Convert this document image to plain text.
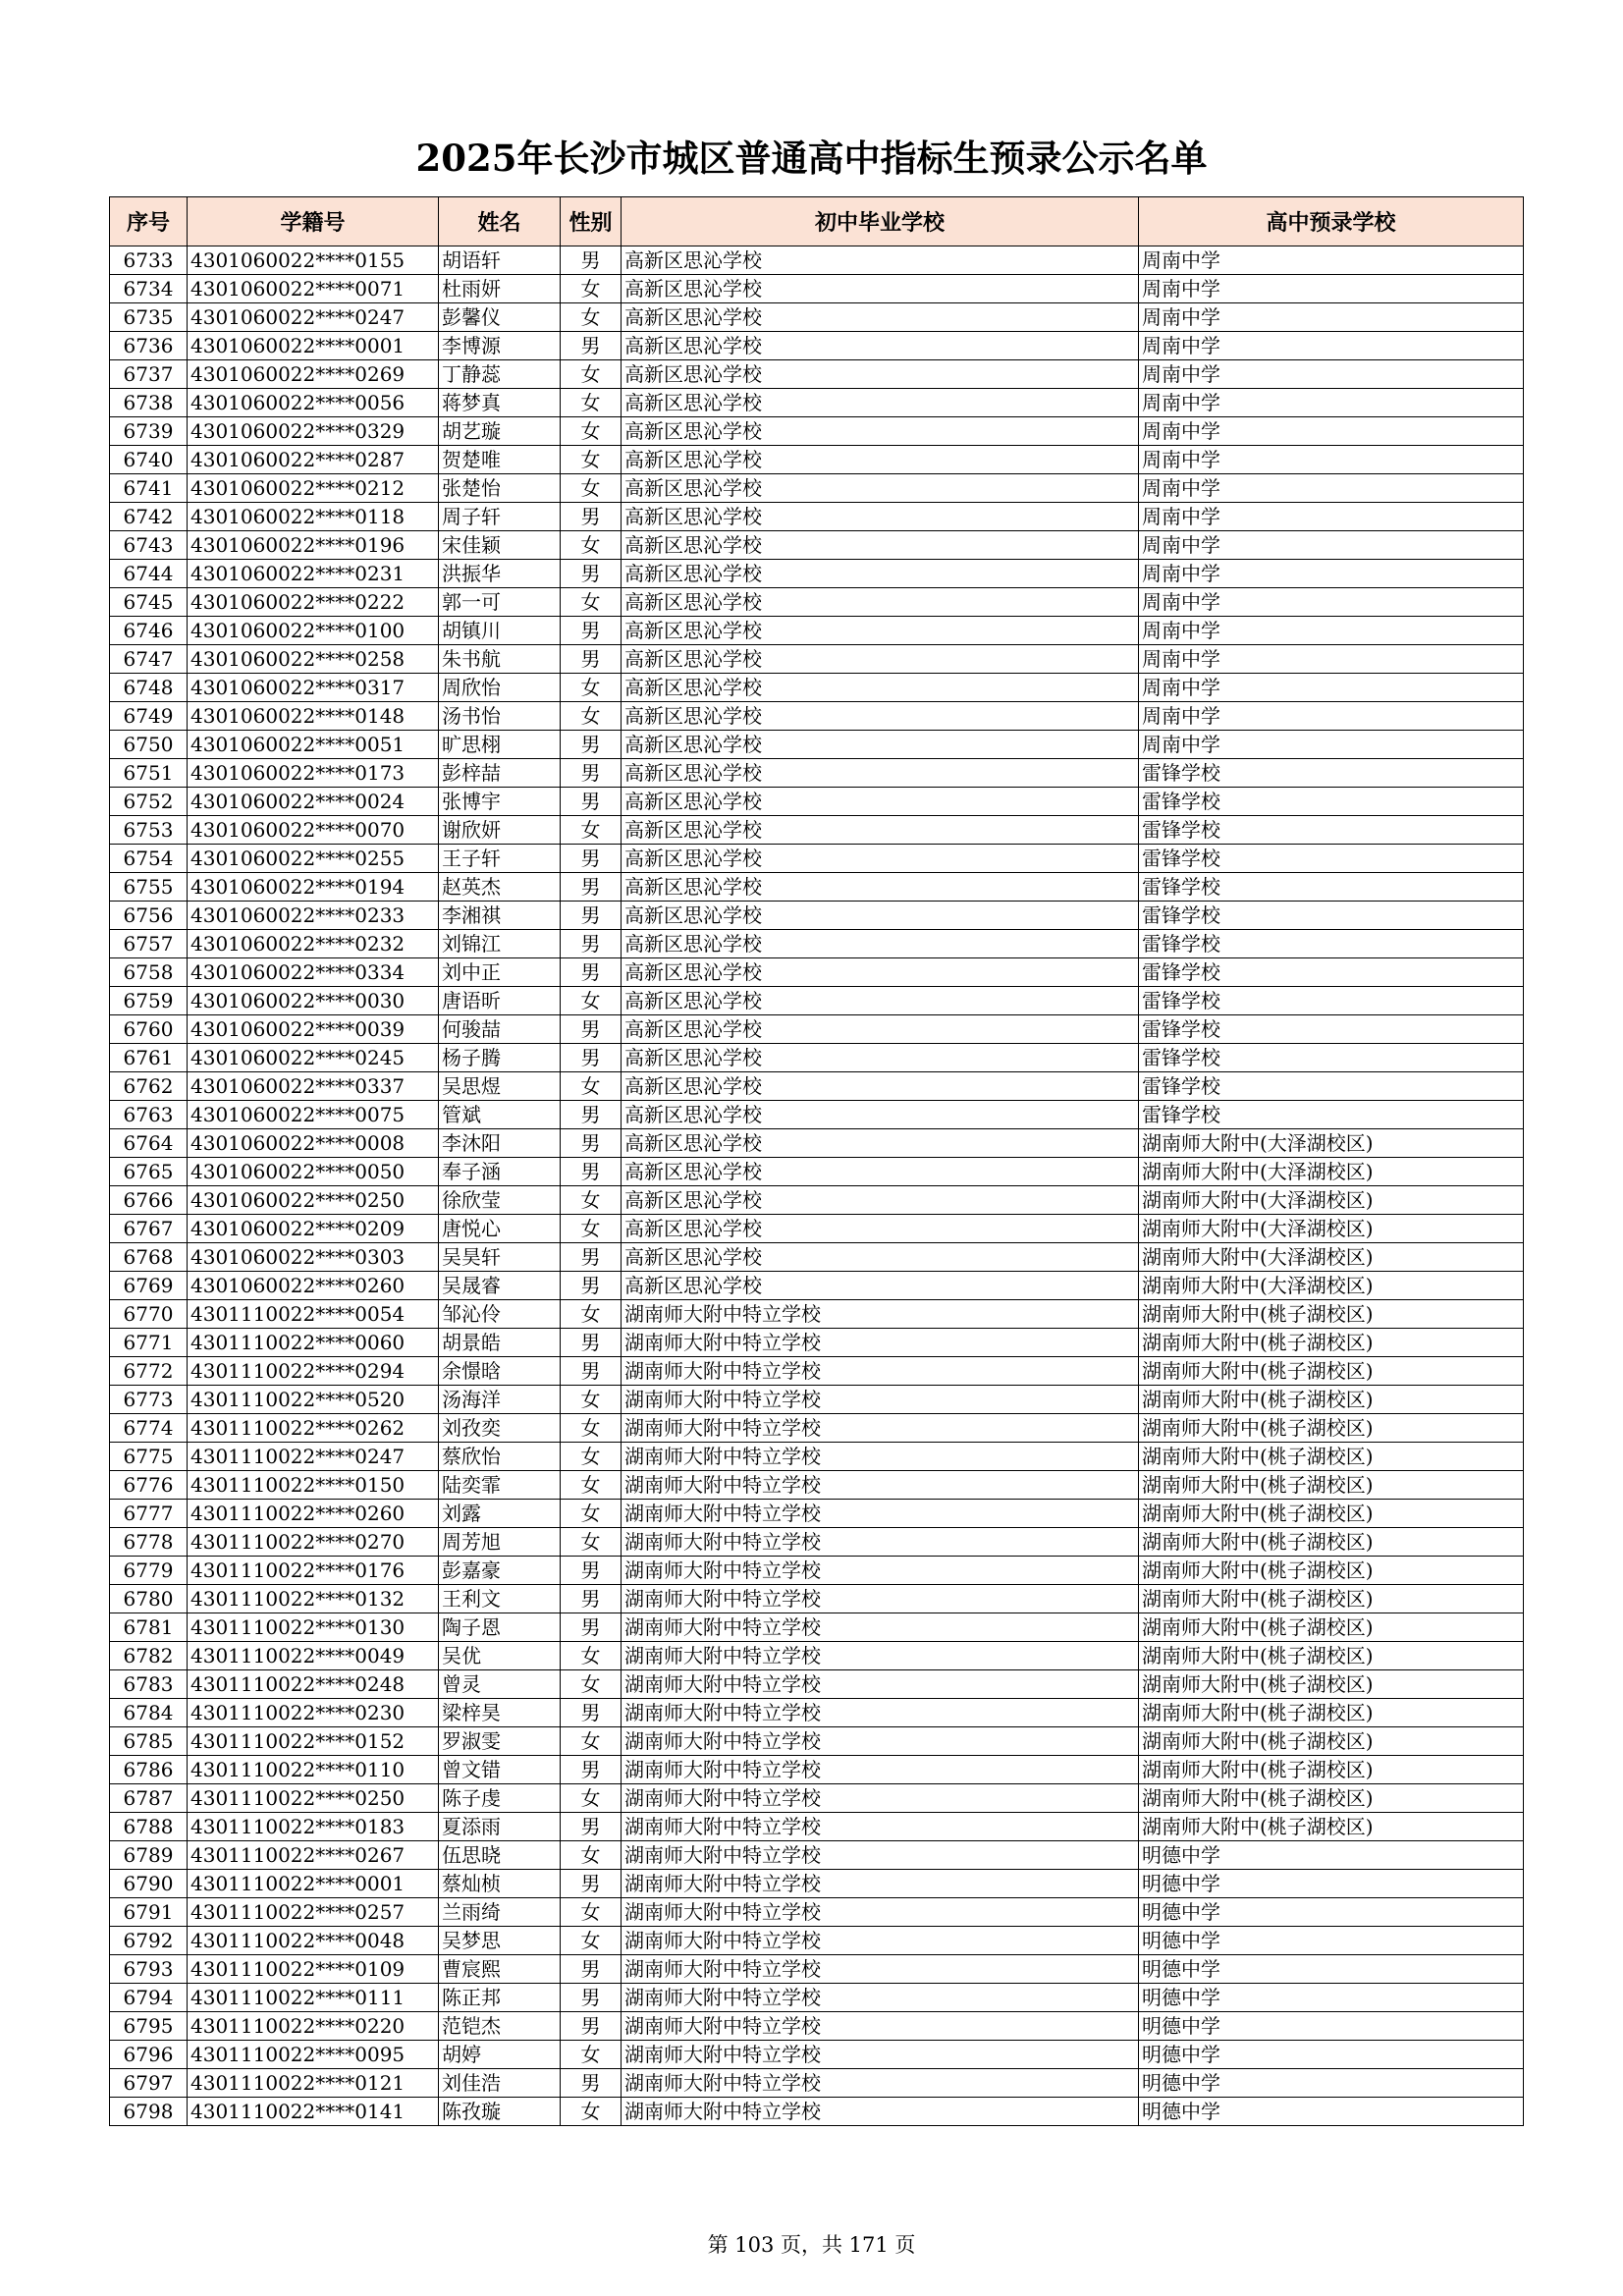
2025年长沙市城区普通高中指标生预录公示名单
序号	学籍号	姓名	性别	初中毕业学校	高中预录学校
6733	4301060022****0155	胡语轩	男	高新区思沁学校	周南中学
6734	4301060022****0071	杜雨妍	女	高新区思沁学校	周南中学
6735	4301060022****0247	彭馨仪	女	高新区思沁学校	周南中学
6736	4301060022****0001	李博源	男	高新区思沁学校	周南中学
6737	4301060022****0269	丁静蕊	女	高新区思沁学校	周南中学
6738	4301060022****0056	蒋梦真	女	高新区思沁学校	周南中学
6739	4301060022****0329	胡艺璇	女	高新区思沁学校	周南中学
6740	4301060022****0287	贺楚唯	女	高新区思沁学校	周南中学
6741	4301060022****0212	张楚怡	女	高新区思沁学校	周南中学
6742	4301060022****0118	周子轩	男	高新区思沁学校	周南中学
6743	4301060022****0196	宋佳颖	女	高新区思沁学校	周南中学
6744	4301060022****0231	洪振华	男	高新区思沁学校	周南中学
6745	4301060022****0222	郭一可	女	高新区思沁学校	周南中学
6746	4301060022****0100	胡镇川	男	高新区思沁学校	周南中学
6747	4301060022****0258	朱书航	男	高新区思沁学校	周南中学
6748	4301060022****0317	周欣怡	女	高新区思沁学校	周南中学
6749	4301060022****0148	汤书怡	女	高新区思沁学校	周南中学
6750	4301060022****0051	旷思栩	男	高新区思沁学校	周南中学
6751	4301060022****0173	彭梓喆	男	高新区思沁学校	雷锋学校
6752	4301060022****0024	张博宇	男	高新区思沁学校	雷锋学校
6753	4301060022****0070	谢欣妍	女	高新区思沁学校	雷锋学校
6754	4301060022****0255	王子轩	男	高新区思沁学校	雷锋学校
6755	4301060022****0194	赵英杰	男	高新区思沁学校	雷锋学校
6756	4301060022****0233	李湘祺	男	高新区思沁学校	雷锋学校
6757	4301060022****0232	刘锦江	男	高新区思沁学校	雷锋学校
6758	4301060022****0334	刘中正	男	高新区思沁学校	雷锋学校
6759	4301060022****0030	唐语昕	女	高新区思沁学校	雷锋学校
6760	4301060022****0039	何骏喆	男	高新区思沁学校	雷锋学校
6761	4301060022****0245	杨子腾	男	高新区思沁学校	雷锋学校
6762	4301060022****0337	吴思煜	女	高新区思沁学校	雷锋学校
6763	4301060022****0075	管斌	男	高新区思沁学校	雷锋学校
6764	4301060022****0008	李沐阳	男	高新区思沁学校	湖南师大附中(大泽湖校区)
6765	4301060022****0050	奉子涵	男	高新区思沁学校	湖南师大附中(大泽湖校区)
6766	4301060022****0250	徐欣莹	女	高新区思沁学校	湖南师大附中(大泽湖校区)
6767	4301060022****0209	唐悦心	女	高新区思沁学校	湖南师大附中(大泽湖校区)
6768	4301060022****0303	吴昊轩	男	高新区思沁学校	湖南师大附中(大泽湖校区)
6769	4301060022****0260	吴晟睿	男	高新区思沁学校	湖南师大附中(大泽湖校区)
6770	4301110022****0054	邹沁伶	女	湖南师大附中特立学校	湖南师大附中(桃子湖校区)
6771	4301110022****0060	胡景皓	男	湖南师大附中特立学校	湖南师大附中(桃子湖校区)
6772	4301110022****0294	余憬晗	男	湖南师大附中特立学校	湖南师大附中(桃子湖校区)
6773	4301110022****0520	汤海洋	女	湖南师大附中特立学校	湖南师大附中(桃子湖校区)
6774	4301110022****0262	刘孜奕	女	湖南师大附中特立学校	湖南师大附中(桃子湖校区)
6775	4301110022****0247	蔡欣怡	女	湖南师大附中特立学校	湖南师大附中(桃子湖校区)
6776	4301110022****0150	陆奕霏	女	湖南师大附中特立学校	湖南师大附中(桃子湖校区)
6777	4301110022****0260	刘露	女	湖南师大附中特立学校	湖南师大附中(桃子湖校区)
6778	4301110022****0270	周芳旭	女	湖南师大附中特立学校	湖南师大附中(桃子湖校区)
6779	4301110022****0176	彭嘉豪	男	湖南师大附中特立学校	湖南师大附中(桃子湖校区)
6780	4301110022****0132	王利文	男	湖南师大附中特立学校	湖南师大附中(桃子湖校区)
6781	4301110022****0130	陶子恩	男	湖南师大附中特立学校	湖南师大附中(桃子湖校区)
6782	4301110022****0049	吴优	女	湖南师大附中特立学校	湖南师大附中(桃子湖校区)
6783	4301110022****0248	曾灵	女	湖南师大附中特立学校	湖南师大附中(桃子湖校区)
6784	4301110022****0230	梁梓昊	男	湖南师大附中特立学校	湖南师大附中(桃子湖校区)
6785	4301110022****0152	罗淑雯	女	湖南师大附中特立学校	湖南师大附中(桃子湖校区)
6786	4301110022****0110	曾文错	男	湖南师大附中特立学校	湖南师大附中(桃子湖校区)
6787	4301110022****0250	陈子虔	女	湖南师大附中特立学校	湖南师大附中(桃子湖校区)
6788	4301110022****0183	夏添雨	男	湖南师大附中特立学校	湖南师大附中(桃子湖校区)
6789	4301110022****0267	伍思晓	女	湖南师大附中特立学校	明德中学
6790	4301110022****0001	蔡灿桢	男	湖南师大附中特立学校	明德中学
6791	4301110022****0257	兰雨绮	女	湖南师大附中特立学校	明德中学
6792	4301110022****0048	吴梦思	女	湖南师大附中特立学校	明德中学
6793	4301110022****0109	曹宸熙	男	湖南师大附中特立学校	明德中学
6794	4301110022****0111	陈正邦	男	湖南师大附中特立学校	明德中学
6795	4301110022****0220	范铠杰	男	湖南师大附中特立学校	明德中学
6796	4301110022****0095	胡婷	女	湖南师大附中特立学校	明德中学
6797	4301110022****0121	刘佳浩	男	湖南师大附中特立学校	明德中学
6798	4301110022****0141	陈孜璇	女	湖南师大附中特立学校	明德中学
第 103 页，共 171 页
